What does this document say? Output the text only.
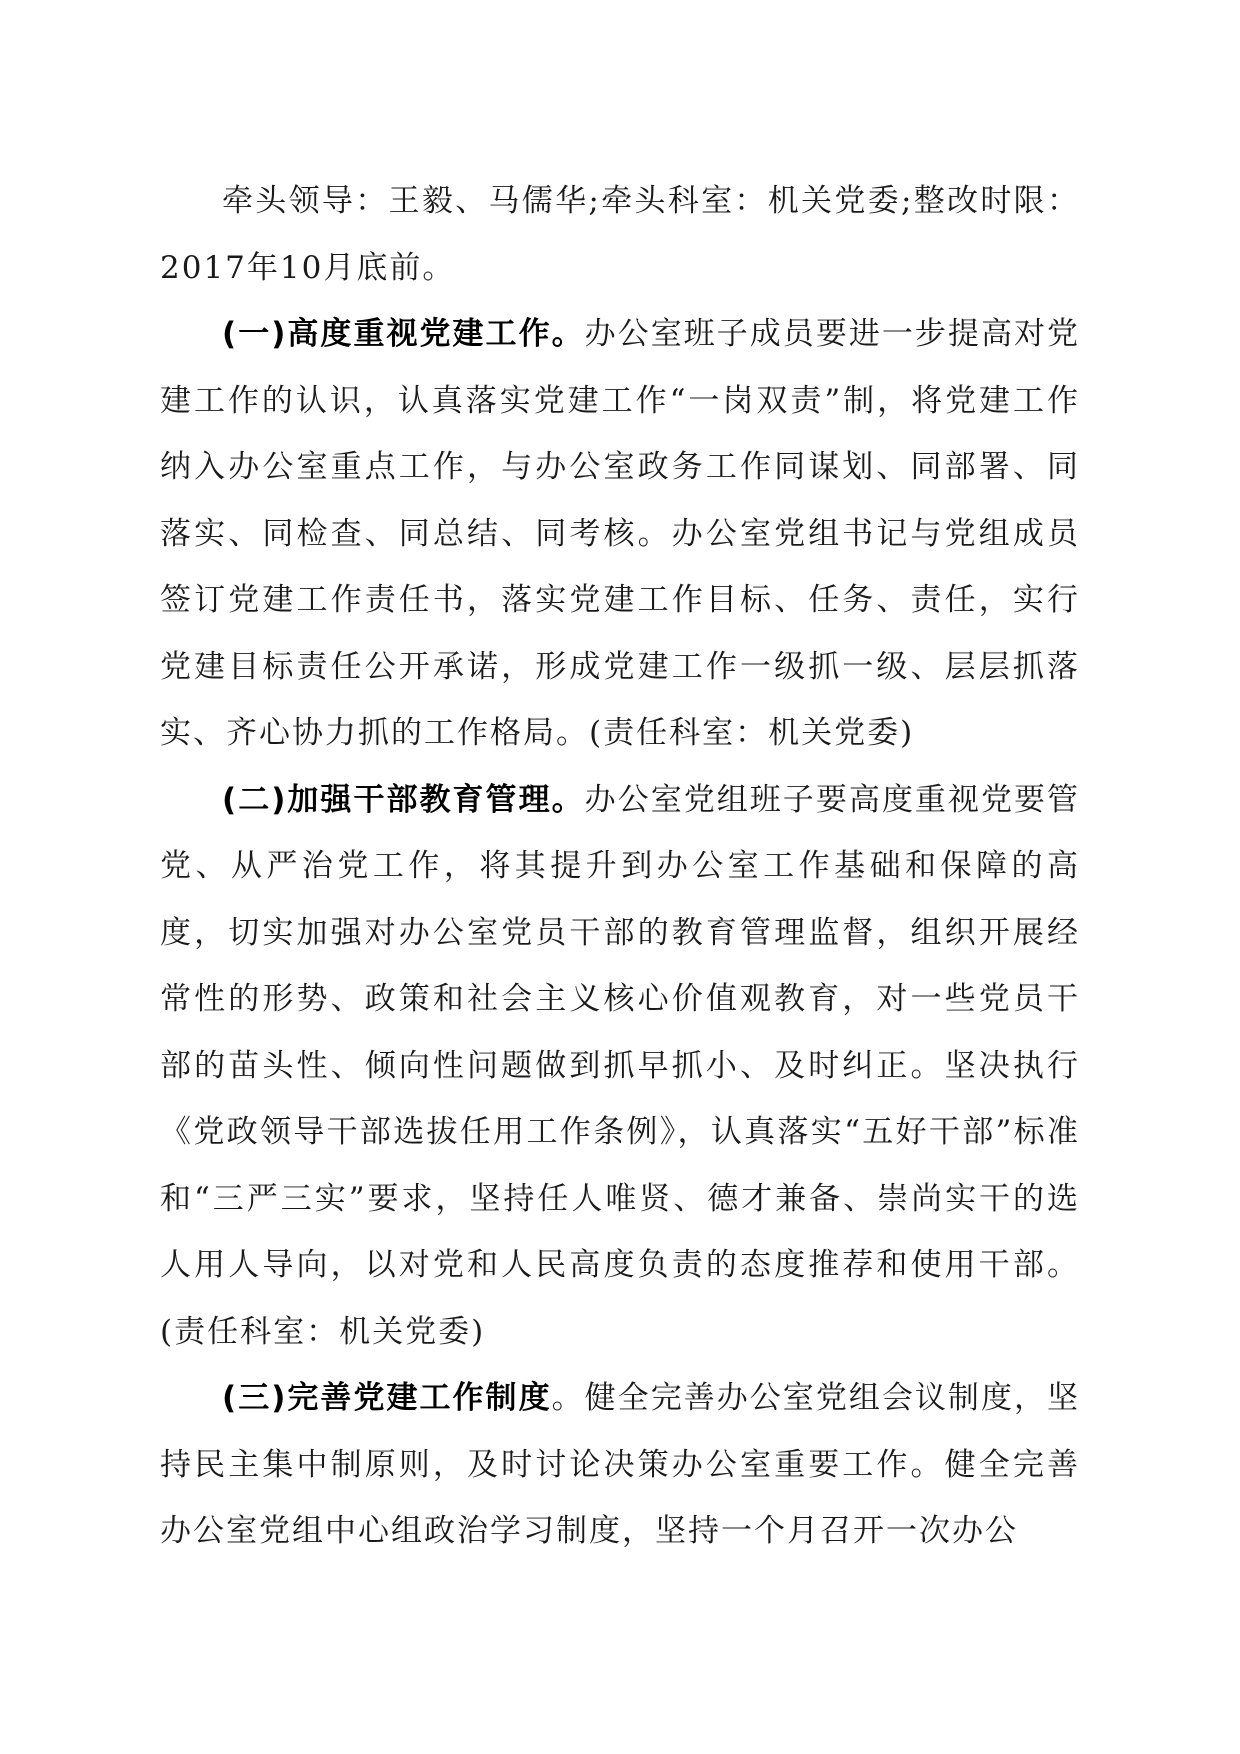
牵头领导：王毅、马儒华;牵头科室：机关党委;整改时限：2017年10月底前。

(一)高度重视党建工作。办公室班子成员要进一步提高对党建工作的认识，认真落实党建工作“一岗双责”制，将党建工作纳入办公室重点工作，与办公室政务工作同谋划、同部署、同落实、同检查、同总结、同考核。办公室党组书记与党组成员签订党建工作责任书，落实党建工作目标、任务、责任，实行党建目标责任公开承诺，形成党建工作一级抓一级、层层抓落实、齐心协力抓的工作格局。(责任科室：机关党委)

(二)加强干部教育管理。办公室党组班子要高度重视党要管党、从严治党工作，将其提升到办公室工作基础和保障的高度，切实加强对办公室党员干部的教育管理监督，组织开展经常性的形势、政策和社会主义核心价值观教育，对一些党员干部的苗头性、倾向性问题做到抓早抓小、及时纠正。坚决执行《党政领导干部选拔任用工作条例》，认真落实“五好干部”标准和“三严三实”要求，坚持任人唯贤、德才兼备、崇尚实干的选人用人导向，以对党和人民高度负责的态度推荐和使用干部。(责任科室：机关党委)

(三)完善党建工作制度。健全完善办公室党组会议制度，坚持民主集中制原则，及时讨论决策办公室重要工作。健全完善办公室党组中心组政治学习制度，坚持一个月召开一次办公
